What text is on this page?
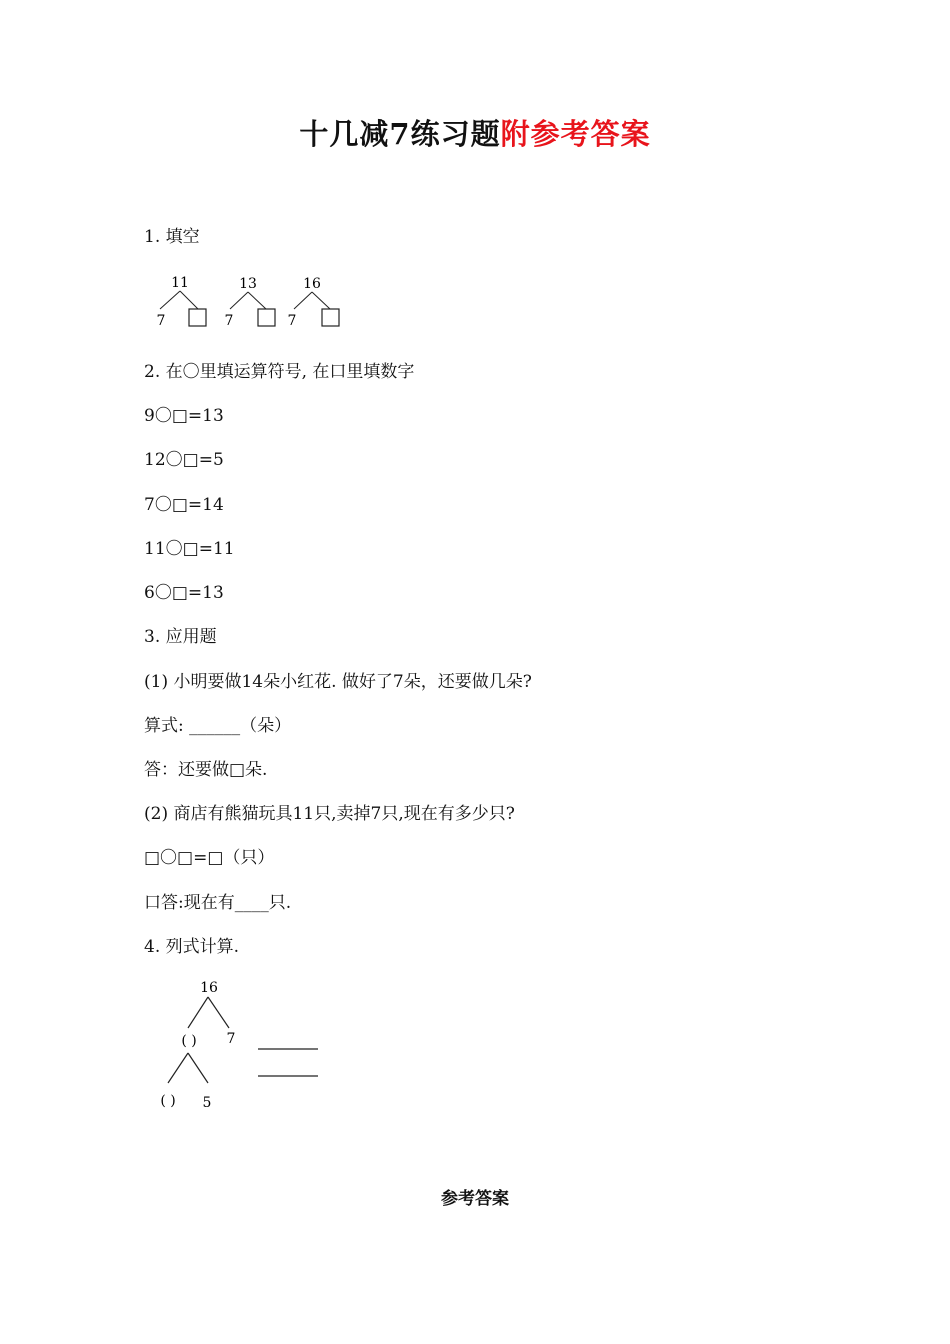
十几减7练习题附参考答案
1. 填空
11
7
13
7
16
7
2. 在〇里填运算符号, 在口里填数字
9〇□=13
12〇□=5
7〇□=14
11〇□=11
6〇□=13
3. 应用题
(1) 小明要做14朵小红花. 做好了7朵，还要做几朵?
算式: ______（朵）
答：还要做□朵.
(2) 商店有熊猫玩具11只,卖掉7只,现在有多少只?
□〇□=□（只）
口答:现在有____只.
4. 列式计算.
16
( ) 7
( ) 5
参考答案
